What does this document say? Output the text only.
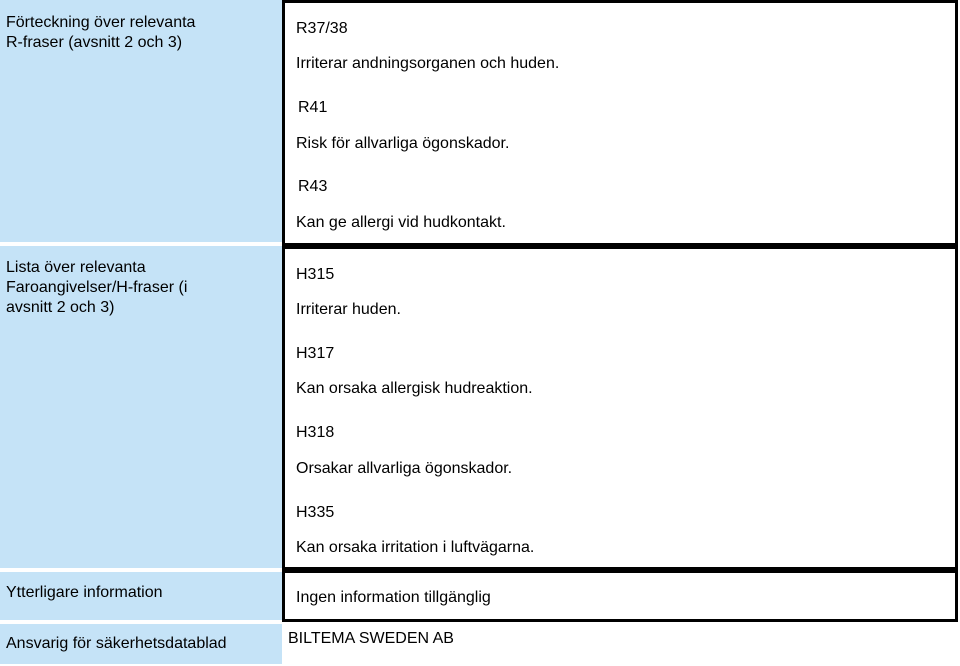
Förteckning över relevanta
R-fraser (avsnitt 2 och 3)
R37/38
Irriterar andningsorganen och huden.
R41
Risk för allvarliga ögonskador.
R43
Kan ge allergi vid hudkontakt.
Lista över relevanta
Faroangivelser/H-fraser (i
avsnitt 2 och 3)
H315
Irriterar huden.
H317
Kan orsaka allergisk hudreaktion.
H318
Orsakar allvarliga ögonskador.
H335
Kan orsaka irritation i luftvägarna.
Ytterligare information	Ingen information tillgänglig
Ansvarig för säkerhetsdatablad	BILTEMA SWEDEN AB
